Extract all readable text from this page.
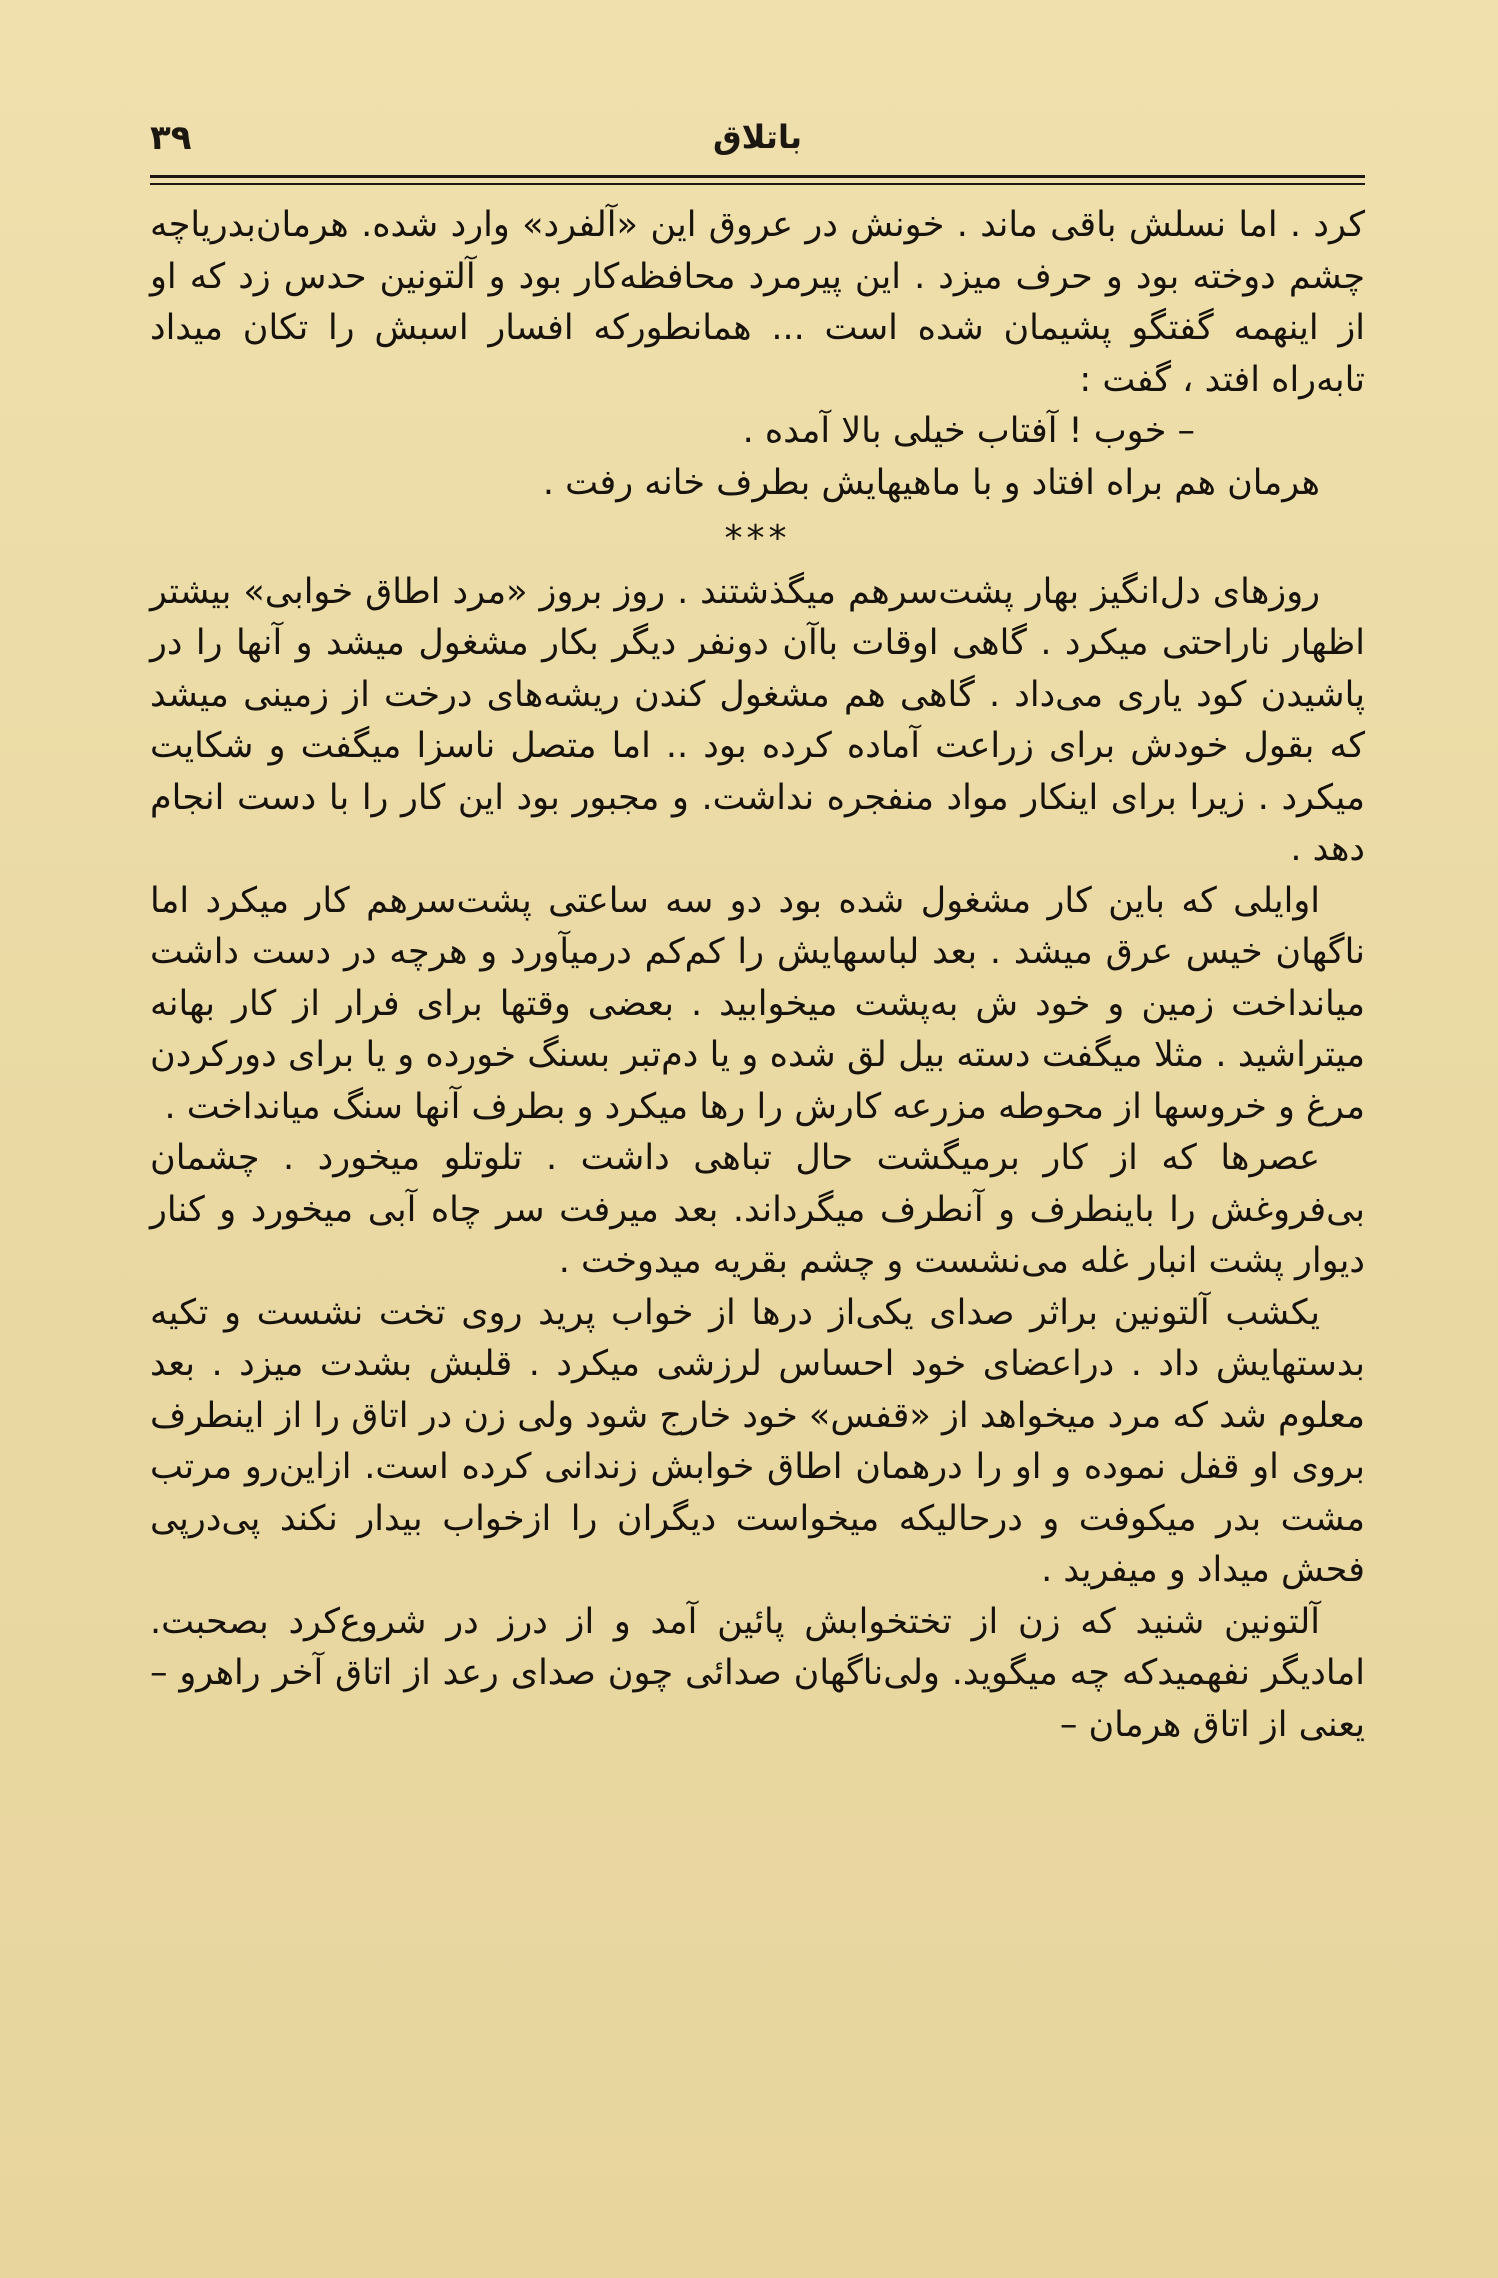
۳۹	باتلاق

کرد . اما نسلش باقی ماند . خونش در عروق این «آلفرد» وارد شده. هرمان‌بدریاچه چشم دوخته بود و حرف میزد . این پیرمرد محافظه‌کار بود و آلتونین حدس زد که او از اینهمه گفتگو پشیمان شده است ... همانطورکه افسار اسبش را تکان میداد تابه‌راه افتد ، گفت :

– خوب ! آفتاب خیلی بالا آمده .

هرمان هم براه افتاد و با ماهیهایش بطرف خانه رفت .

***

روزهای دل‌انگیز بهار پشت‌سرهم میگذشتند . روز بروز «مرد اطاق خوابی» بیشتر اظهار ناراحتی میکرد . گاهی اوقات باآن دونفر دیگر بکار مشغول میشد و آنها را در پاشیدن کود یاری می‌داد . گاهی هم مشغول کندن ریشه‌های درخت از زمینی میشد که بقول خودش برای زراعت آماده کرده بود .. اما متصل ناسزا میگفت و شکایت میکرد . زیرا برای اینکار مواد منفجره نداشت. و مجبور بود این کار را با دست انجام دهد .

اوایلی که باین کار مشغول شده بود دو سه ساعتی پشت‌سرهم کار میکرد اما ناگهان خیس عرق میشد . بعد لباسهایش را کم‌کم درمیآورد و هرچه در دست داشت میانداخت زمین و خود ش به‌پشت میخوابید . بعضی وقتها برای فرار از کار بهانه میتراشید . مثلا میگفت دسته بیل لق شده و یا دم‌تبر بسنگ خورده و یا برای دورکردن مرغ و خروسها از محوطه مزرعه کارش را رها میکرد و بطرف آنها سنگ میانداخت .

عصرها که از کار برمیگشت حال تباهی داشت . تلوتلو میخورد . چشمان بی‌فروغش را باینطرف و آنطرف میگرداند. بعد میرفت سر چاه آبی میخورد و کنار دیوار پشت انبار غله می‌نشست و چشم بقریه میدوخت .

یکشب آلتونین براثر صدای یکی‌از درها از خواب پرید روی تخت نشست و تکیه بدستهایش داد . دراعضای خود احساس لرزشی میکرد . قلبش بشدت میزد . بعد معلوم شد که مرد میخواهد از «قفس» خود خارج شود ولی زن در اتاق را از اینطرف بروی او قفل نموده و او را درهمان اطاق خوابش زندانی کرده است. ازاین‌رو مرتب مشت بدر میکوفت و درحالیکه میخواست دیگران را ازخواب بیدار نکند پی‌درپی فحش میداد و میفرید .

آلتونین شنید که زن از تختخوابش پائین آمد و از درز در شروع‌کرد بصحبت. امادیگر نفهمیدکه چه میگوید. ولی‌ناگهان صدائی چون صدای رعد از اتاق آخر راهرو – یعنی از اتاق هرمان –
